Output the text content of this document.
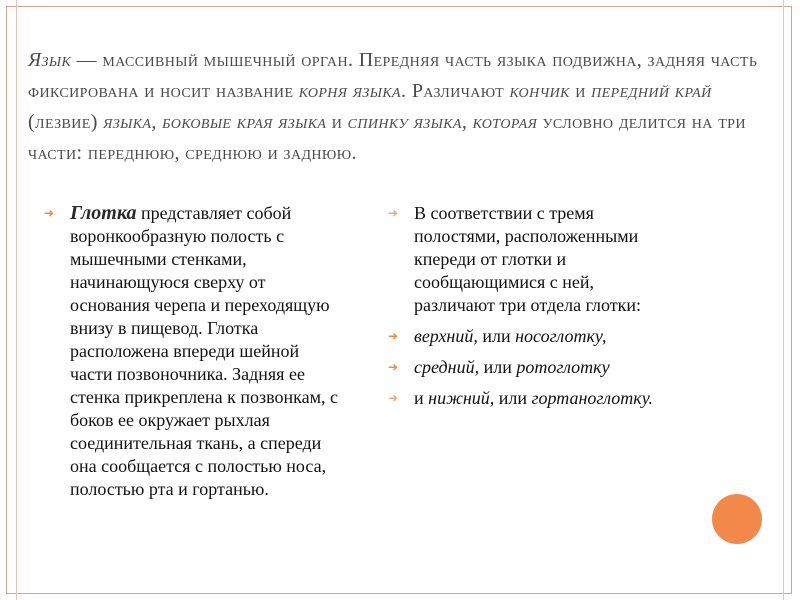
Язык — массивный мышечный орган. Передняя часть языка подвижна, задняя часть фиксирована и носит название корня языка. Различают кончик и передний край (лезвие) языка, боковые края языка и спинку языка, которая условно делится на три части: переднюю, среднюю и заднюю.
➜ Глотка представляет собой воронкообразную полость с мышечными стенками, начинающуюся сверху от основания черепа и переходящую внизу в пищевод. Глотка расположена впереди шейной части позвоночника. Задняя ее стенка прикреплена к позвонкам, с боков ее окружает рыхлая соединительная ткань, а спереди она сообщается с полостью носа, полостью рта и гортанью.
➜ В соответствии с тремя полостями, расположенными кпереди от глотки и сообщающимися с ней, различают три отдела глотки:
➜ верхний, или носоглотку,
➜ средний, или ротоглотку
➜ и нижний, или гортаноглотку.
